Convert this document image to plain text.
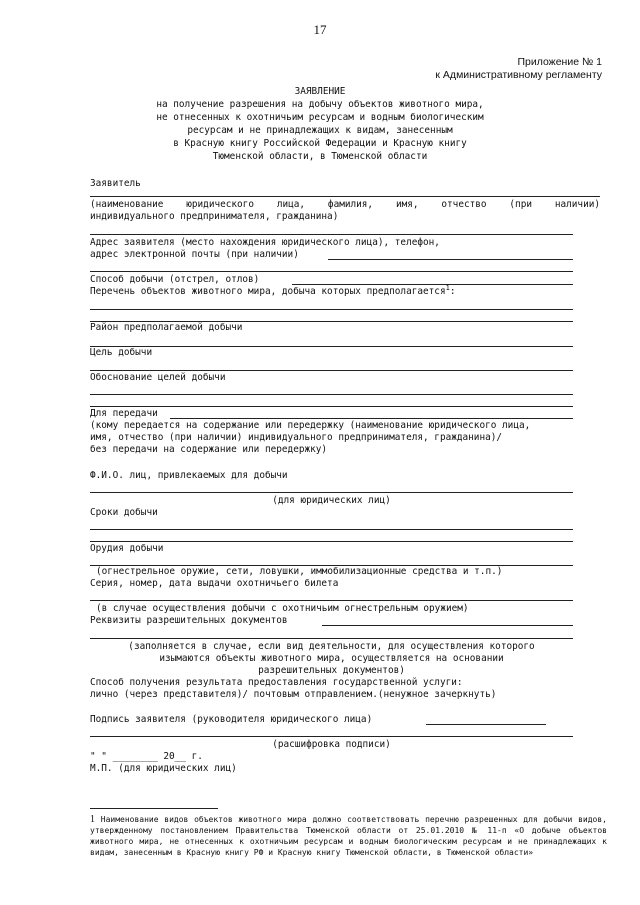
17
Приложение № 1
к Административному регламенту
ЗАЯВЛЕНИЕ
на получение разрешения на добычу объектов животного мира,
не отнесенных к охотничьим ресурсам и водным биологическим
ресурсам и не принадлежащих к видам, занесенным
в Красную книгу Российской Федерации и Красную книгу
Тюменской области, в Тюменской области
Заявитель
(наименование юридического лица, фамилия, имя, отчество (при наличии)
индивидуального предпринимателя, гражданина)
Адрес заявителя (место нахождения юридического лица), телефон,
адрес электронной почты (при наличии)
Способ добычи (отстрел, отлов)
Перечень объектов животного мира, добыча которых предполагается$^1$:
Район предполагаемой добычи
Цель добычи
Обоснование целей добычи
Для передачи
(кому передается на содержание или передержку (наименование юридического лица,
имя, отчество (при наличии) индивидуального предпринимателя, гражданина)/
без передачи на содержание или передержку)
Ф.И.О. лиц, привлекаемых для добычи
(для юридических лиц)
Сроки добычи
Орудия добычи
(огнестрельное оружие, сети, ловушки, иммобилизационные средства и т.п.)
Серия, номер, дата выдачи охотничьего билета
(в случае осуществления добычи с охотничьим огнестрельным оружием)
Реквизиты разрешительных документов
(заполняется в случае, если вид деятельности, для осуществления которого
изымаются объекты животного мира, осуществляется на основании
разрешительных документов)
Способ получения результата предоставления государственной услуги:
лично (через представителя)/ почтовым отправлением.(ненужное зачеркнуть)
Подпись заявителя (руководителя юридического лица)
(расшифровка подписи)
" " ________ 20__ г.
М.П. (для юридических лиц)
1 Наименование видов объектов животного мира должно соответствовать перечню разрешенных для добычи видов, утвержденному постановлением Правительства Тюменской области от 25.01.2010 № 11-п «О добыче объектов животного мира, не отнесенных к охотничьим ресурсам и водным биологическим ресурсам и не принадлежащих к видам, занесенным в Красную книгу РФ и Красную книгу Тюменской области, в Тюменской области»
